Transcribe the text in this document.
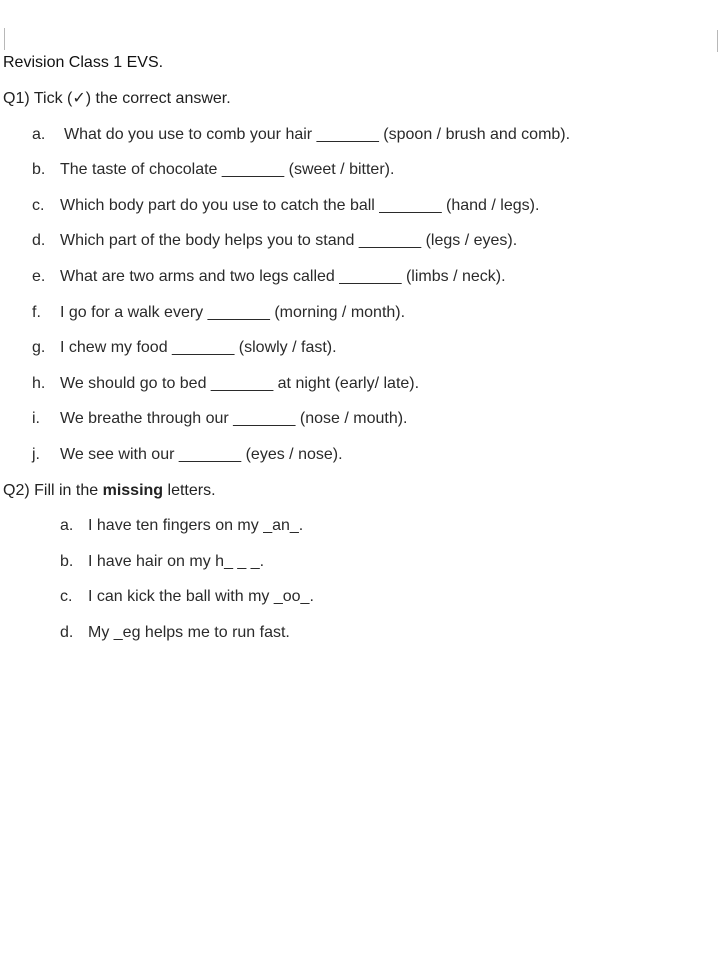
Revision Class 1 EVS.
Q1) Tick (✓) the correct answer.
a. What do you use to comb your hair _______ (spoon / brush and comb).
b. The taste of chocolate _______ (sweet / bitter).
c. Which body part do you use to catch the ball _______ (hand / legs).
d. Which part of the body helps you to stand _______ (legs / eyes).
e. What are two arms and two legs called _______ (limbs / neck).
f. I go for a walk every _______ (morning / month).
g. I chew my food _______ (slowly / fast).
h. We should go to bed _______ at night (early/ late).
i. We breathe through our _______ (nose / mouth).
j. We see with our _______ (eyes / nose).
Q2) Fill in the missing letters.
a. I have ten fingers on my _an_.
b. I have hair on my h_ _ _.
c. I can kick the ball with my _oo_.
d. My _eg helps me to run fast.
